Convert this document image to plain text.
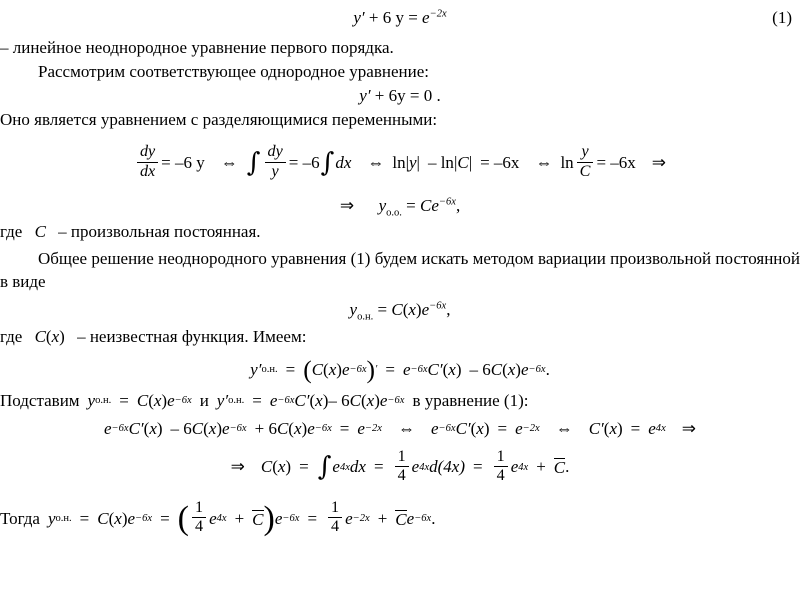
y′ + 6 $y = e^{-2x}$	(1)
– линейное неоднородное уравнение первого порядка.
Рассмотрим соответствующее однородное уравнение:
y′ + 6y = 0 .
Оно является уравнением с разделяющимися переменными:
$\frac{dy}{dx} = -6$ y ⇔ ∫ $\frac{dy}{y} = -6$ ∫ dx ⇔ ln | y | – ln | C | = –6x ⇔ $\ln \frac{y}{C} = -6x$ ⇒
⇒ $y_{о.о.} = Ce^{-6x}$,
где C – произвольная постоянная.
Общее решение неоднородного уравнения (1) будем искать методом вариации произвольной постоянной в виде
$y_{о.н.} = C(x)e^{-6x}$,
где C(x) – неизвестная функция. Имеем:
y ′ о.н. = ( C ( x ) e −6x ) ′ = e −6x C ′ ( x ) – 6 C ( x ) e −6x .
Подставим y о.н. = C ( x ) e −6x и y ′ о.н. = e −6x C ′ ( x ) – 6 C ( x ) e −6x в уравнение (1):
e −6x C ′ ( x ) – 6 C ( x ) e −6x + 6 C ( x ) e −6x = e −2x ⇔ e −6x C ′ ( x ) = e −2x ⇔ C ′ ( x ) = e 4x ⇒
⇒ C ( x ) = ∫ e 4x dx = $\frac{1}{4}$ e 4x $d(4x) = \frac{1}{4}$ e 4x + C .
Тогда y о.н. = C ( x ) e −6x = ( $\frac{1}{4}$ e 4x + C ) $e -6x = \frac{1}{4}$ e −2x + C e −6x .
